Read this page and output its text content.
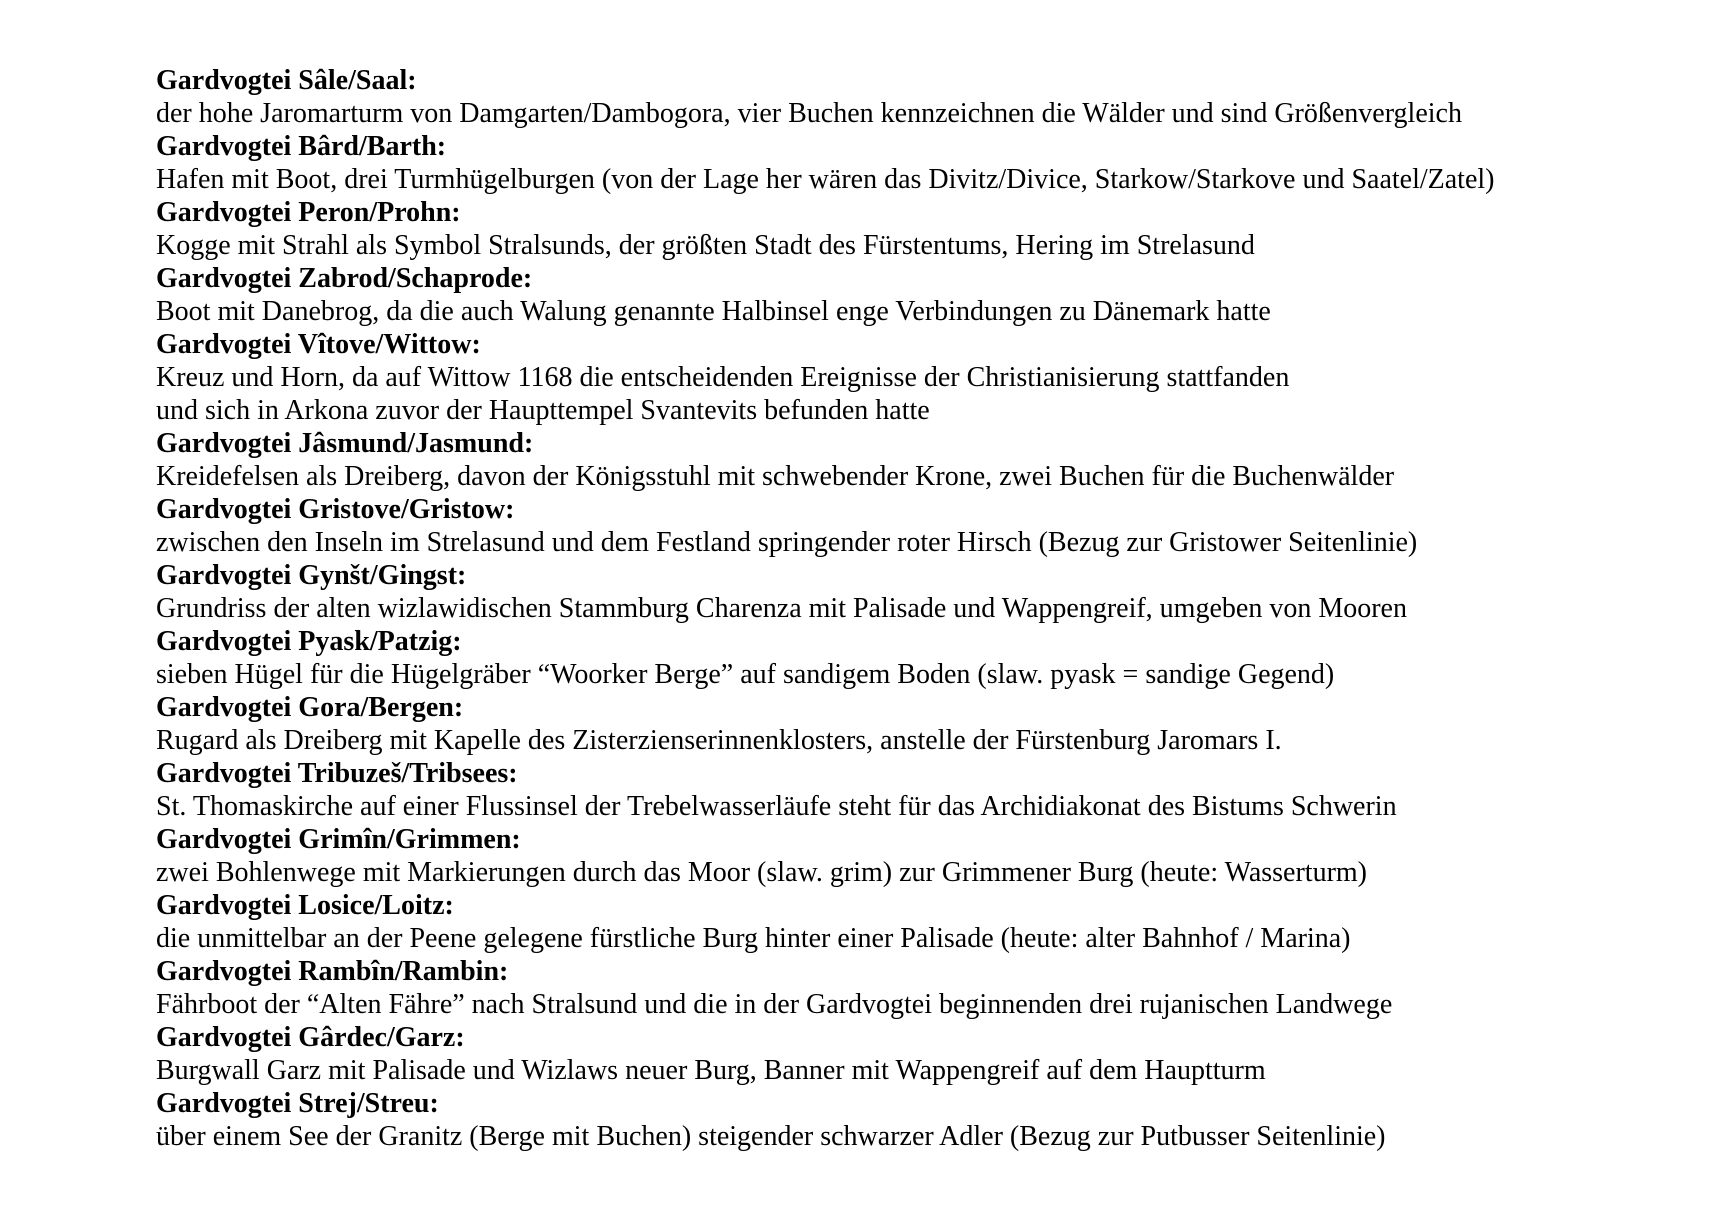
Gardvogtei Sâle/Saal:
der hohe Jaromarturm von Damgarten/Dambogora, vier Buchen kennzeichnen die Wälder und sind Größenvergleich
Gardvogtei Bârd/Barth:
Hafen mit Boot, drei Turmhügelburgen (von der Lage her wären das Divitz/Divice, Starkow/Starkove und Saatel/Zatel)
Gardvogtei Peron/Prohn:
Kogge mit Strahl als Symbol Stralsunds, der größten Stadt des Fürstentums, Hering im Strelasund
Gardvogtei Zabrod/Schaprode:
Boot mit Danebrog, da die auch Walung genannte Halbinsel enge Verbindungen zu Dänemark hatte
Gardvogtei Vîtove/Wittow:
Kreuz und Horn, da auf Wittow 1168 die entscheidenden Ereignisse der Christianisierung stattfanden
und sich in Arkona zuvor der Haupttempel Svantevits befunden hatte
Gardvogtei Jâsmund/Jasmund:
Kreidefelsen als Dreiberg, davon der Königsstuhl mit schwebender Krone, zwei Buchen für die Buchenwälder
Gardvogtei Gristove/Gristow:
zwischen den Inseln im Strelasund und dem Festland springender roter Hirsch (Bezug zur Gristower Seitenlinie)
Gardvogtei Gynšt/Gingst:
Grundriss der alten wizlawidischen Stammburg Charenza mit Palisade und Wappengreif, umgeben von Mooren
Gardvogtei Pyask/Patzig:
sieben Hügel für die Hügelgräber “Woorker Berge” auf sandigem Boden (slaw. pyask = sandige Gegend)
Gardvogtei Gora/Bergen:
Rugard als Dreiberg mit Kapelle des Zisterzienserinnenklosters, anstelle der Fürstenburg Jaromars I.
Gardvogtei Tribuzeš/Tribsees:
St. Thomaskirche auf einer Flussinsel der Trebelwasserläufe steht für das Archidiakonat des Bistums Schwerin
Gardvogtei Grimîn/Grimmen:
zwei Bohlenwege mit Markierungen durch das Moor (slaw. grim) zur Grimmener Burg (heute: Wasserturm)
Gardvogtei Losice/Loitz:
die unmittelbar an der Peene gelegene fürstliche Burg hinter einer Palisade (heute: alter Bahnhof / Marina)
Gardvogtei Rambîn/Rambin:
Fährboot der “Alten Fähre” nach Stralsund und die in der Gardvogtei beginnenden drei rujanischen Landwege
Gardvogtei Gârdec/Garz:
Burgwall Garz mit Palisade und Wizlaws neuer Burg, Banner mit Wappengreif auf dem Hauptturm
Gardvogtei Strej/Streu:
über einem See der Granitz (Berge mit Buchen) steigender schwarzer Adler (Bezug zur Putbusser Seitenlinie)
